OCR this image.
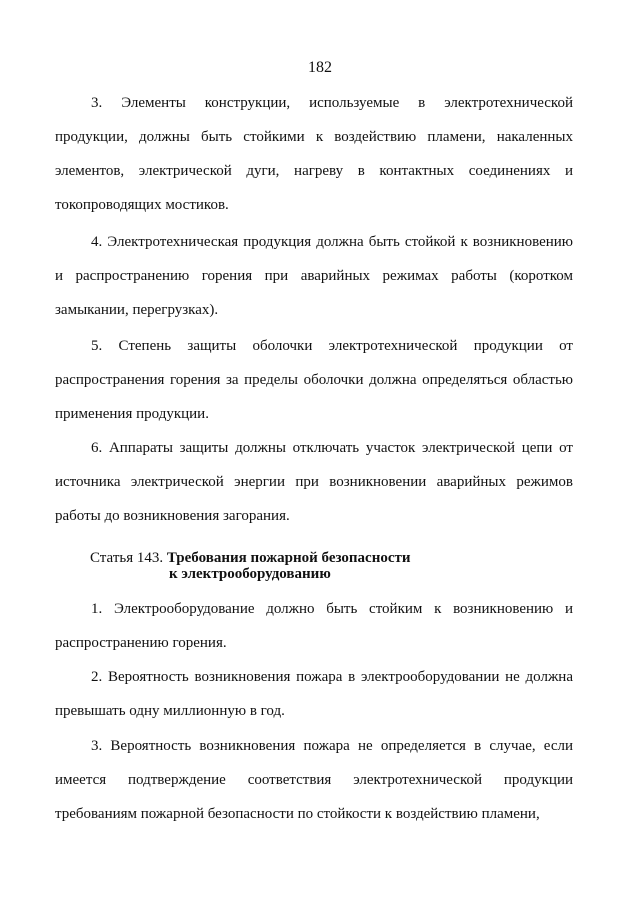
182

3. Элементы конструкции, используемые в электротехнической продукции, должны быть стойкими к воздействию пламени, накаленных элементов, электрической дуги, нагреву в контактных соединениях и токопроводящих мостиков.

4. Электротехническая продукция должна быть стойкой к возникновению и распространению горения при аварийных режимах работы (коротком замыкании, перегрузках).

5. Степень защиты оболочки электротехнической продукции от распространения горения за пределы оболочки должна определяться областью применения продукции.

6. Аппараты защиты должны отключать участок электрической цепи от источника электрической энергии при возникновении аварийных режимов работы до возникновения загорания.

Статья 143. Требования пожарной безопасности
к электрооборудованию

1. Электрооборудование должно быть стойким к возникновению и распространению горения.

2. Вероятность возникновения пожара в электрооборудовании не должна превышать одну миллионную в год.

3. Вероятность возникновения пожара не определяется в случае, если имеется подтверждение соответствия электротехнической продукции требованиям пожарной безопасности по стойкости к воздействию пламени,
